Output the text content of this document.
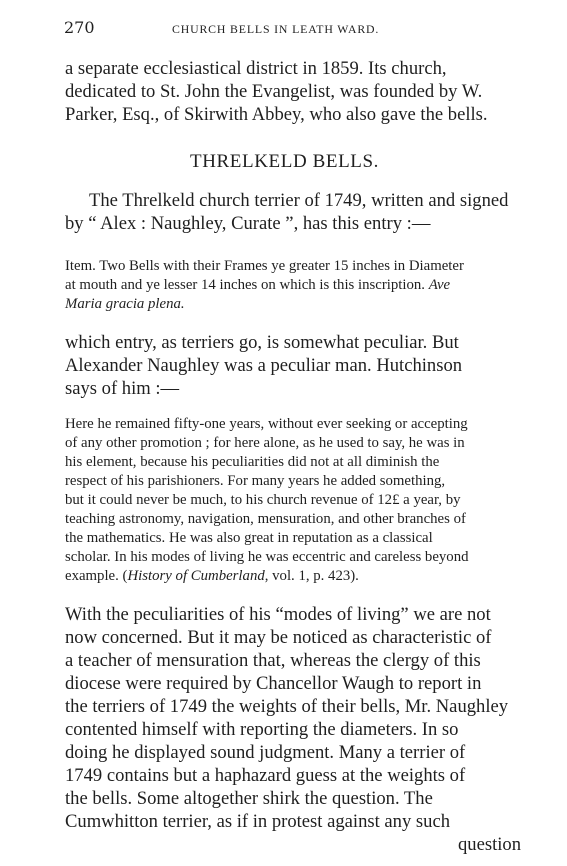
270	CHURCH BELLS IN LEATH WARD.
a separate ecclesiastical district in 1859. Its church,
dedicated to St. John the Evangelist, was founded by W.
Parker, Esq., of Skirwith Abbey, who also gave the bells.
THRELKELD BELLS.
The Threlkeld church terrier of 1749, written and signed
by “ Alex : Naughley, Curate ”, has this entry :—
Item. Two Bells with their Frames ye greater 15 inches in Diameter
at mouth and ye lesser 14 inches on which is this inscription. Ave
Maria gracia plena.
which entry, as terriers go, is somewhat peculiar. But
Alexander Naughley was a peculiar man. Hutchinson
says of him :—
Here he remained fifty-one years, without ever seeking or accepting
of any other promotion ; for here alone, as he used to say, he was in
his element, because his peculiarities did not at all diminish the
respect of his parishioners. For many years he added something,
but it could never be much, to his church revenue of 12£ a year, by
teaching astronomy, navigation, mensuration, and other branches of
the mathematics. He was also great in reputation as a classical
scholar. In his modes of living he was eccentric and careless beyond
example. (History of Cumberland, vol. 1, p. 423).
With the peculiarities of his “modes of living” we are not
now concerned. But it may be noticed as characteristic of
a teacher of mensuration that, whereas the clergy of this
diocese were required by Chancellor Waugh to report in
the terriers of 1749 the weights of their bells, Mr. Naughley
contented himself with reporting the diameters. In so
doing he displayed sound judgment. Many a terrier of
1749 contains but a haphazard guess at the weights of
the bells. Some altogether shirk the question. The
Cumwhitton terrier, as if in protest against any such
question
